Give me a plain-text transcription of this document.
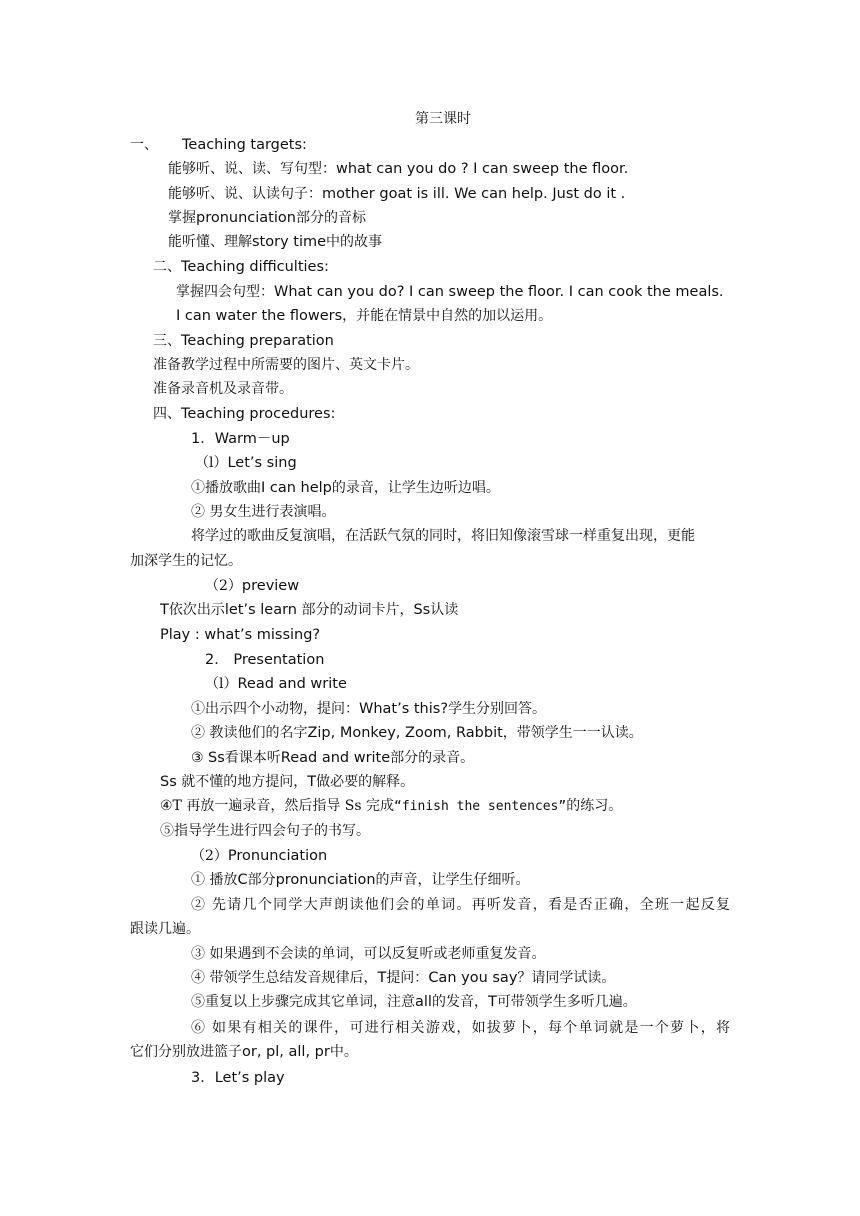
第三课时
一、 Teaching targets:
能够听、说、读、写句型：what can you do ? I can sweep the floor.
能够听、说、认读句子：mother goat is ill. We can help. Just do it .
掌握pronunciation部分的音标
能听懂、理解story time中的故事
二、Teaching difficulties:
掌握四会句型：What can you do? I can sweep the floor. I can cook the meals.
I can water the flowers，并能在情景中自然的加以运用。
三、Teaching preparation
准备教学过程中所需要的图片、英文卡片。
准备录音机及录音带。
四、Teaching procedures:
1．Warm－up
（l）Let’s sing
①播放歌曲I can help的录音，让学生边听边唱。
② 男女生进行表演唱。
将学过的歌曲反复演唱，在活跃气氛的同时，将旧知像滚雪球一样重复出现，更能
加深学生的记忆。
（2）preview
T依次出示let’s learn 部分的动词卡片，Ss认读
Play : what’s missing?
2． Presentation
（l）Read and write
①出示四个小动物，提问：What’s this?学生分别回答。
② 教读他们的名字Zip, Monkey, Zoom, Rabbit，带领学生一一认读。
③ Ss看课本听Read and write部分的录音。
Ss 就不懂的地方提问，T做必要的解释。
④T 再放一遍录音，然后指导 Ss 完成“finish the sentences”的练习。
⑤指导学生进行四会句子的书写。
（2）Pronunciation
① 播放C部分pronunciation的声音，让学生仔细听。
② 先请几个同学大声朗读他们会的单词。再听发音，看是否正确，全班一起反复
跟读几遍。
③ 如果遇到不会读的单词，可以反复听或老师重复发音。
④ 带领学生总结发音规律后，T提问：Can you say？请同学试读。
⑤重复以上步骤完成其它单词，注意all的发音，T可带领学生多听几遍。
⑥ 如果有相关的课件，可进行相关游戏，如拔萝卜，每个单词就是一个萝卜，将
它们分别放进篮子or, pl, all, pr中。
3．Let’s play
